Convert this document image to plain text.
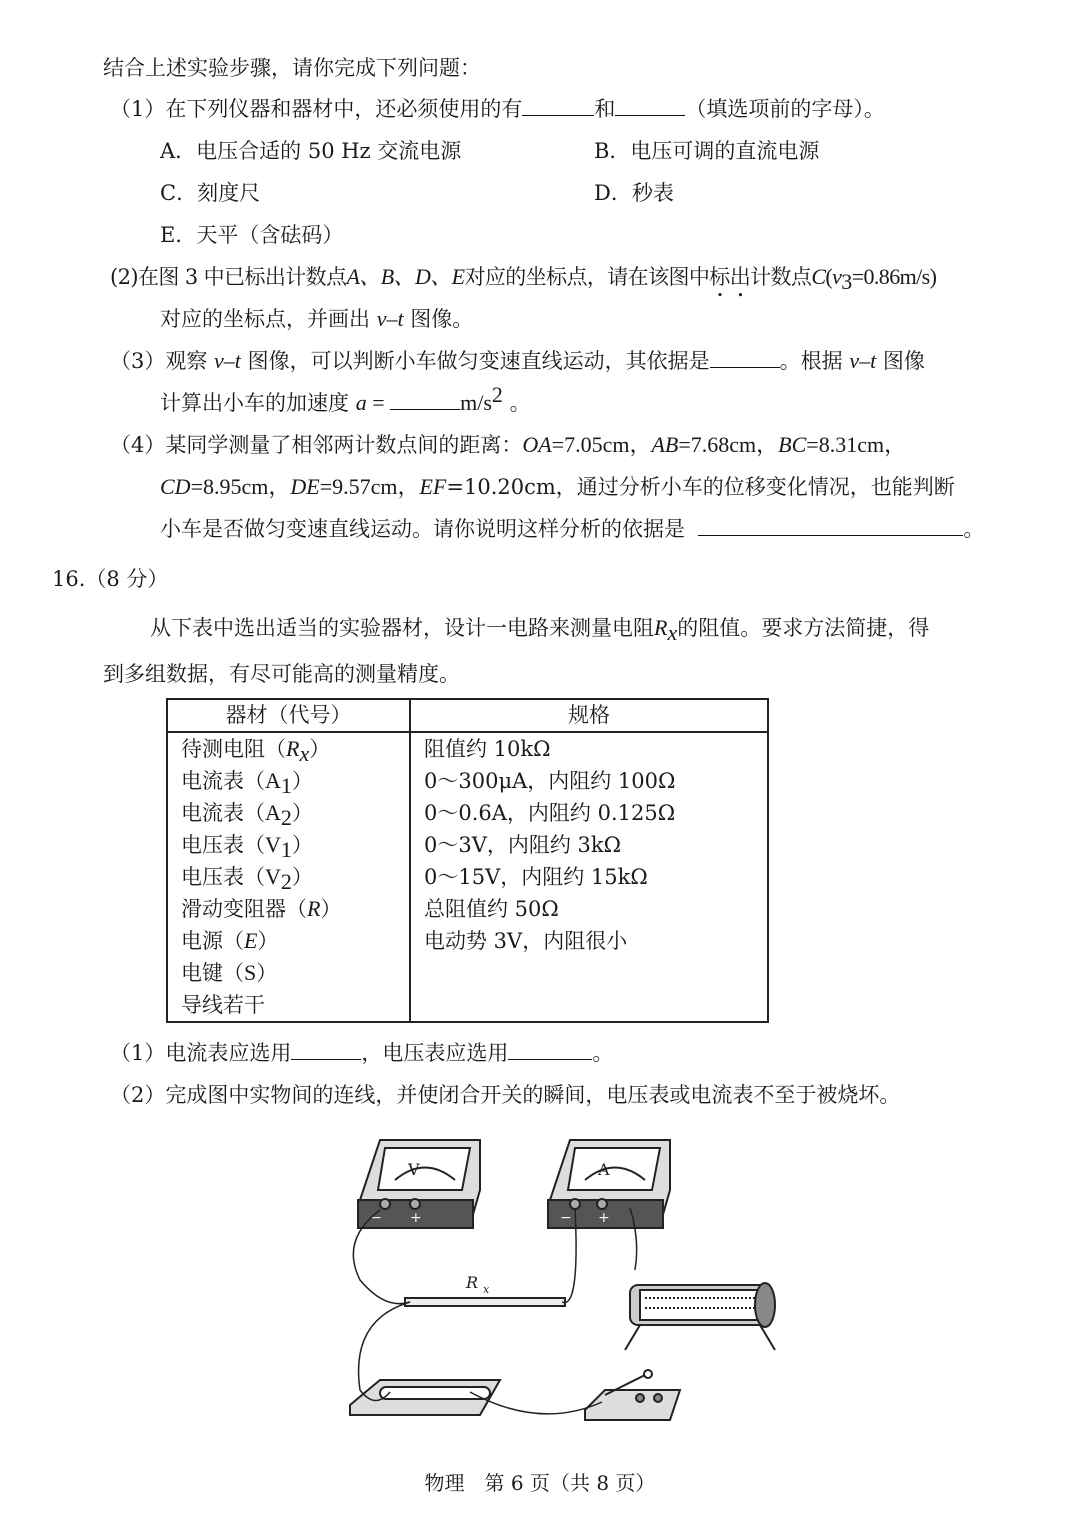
结合上述实验步骤，请你完成下列问题：
（1）在下列仪器和器材中，还必须使用的有	和	（填选项前的字母）。
A．电压合适的 50 Hz 交流电源	B．电压可调的直流电源
C．刻度尺	D．秒表
E．天平（含砝码）
(2)在图 3 中已标出计数点A、B、D、E对应的坐标点，请在该图中标出计数点$C(v_3=0.86m/s)$
对应的坐标点，并画出 v–t 图像。
（3）观察 v–t 图像，可以判断小车做匀变速直线运动，其依据是	。根据 v–t 图像
计算出小车的加速度 a =	$m/s^2$ 。
（4）某同学测量了相邻两计数点间的距离：OA=7.05cm，AB=7.68cm，BC=8.31cm，
CD=8.95cm，DE=9.57cm，EF=10.20cm，通过分析小车的位移变化情况，也能判断
小车是否做匀变速直线运动。请你说明这样分析的依据是	。
16.（8 分）
从下表中选出适当的实验器材，设计一电路来测量电阻$R_x$的阻值。要求方法简捷，得
到多组数据，有尽可能高的测量精度。
器材（代号）	规格
待测电阻$(R_x)$	阻值约 10kΩ
电流表$(A_1)$	0～300μA，内阻约 100Ω
电流表$(A_2)$	0～0.6A，内阻约 0.125Ω
电压表$(V_1)$	0～3V，内阻约 3kΩ
电压表$(V_2)$	0～15V，内阻约 15kΩ
滑动变阻器（R）	总阻值约 50Ω
电源（E）	电动势 3V，内阻很小
电键（S）	
导线若干	
（1）电流表应选用	，电压表应选用	。
（2）完成图中实物间的连线，并使闭合开关的瞬间，电压表或电流表不至于被烧坏。
V
− +
A
− +
R x
物理　第 6 页（共 8 页）
